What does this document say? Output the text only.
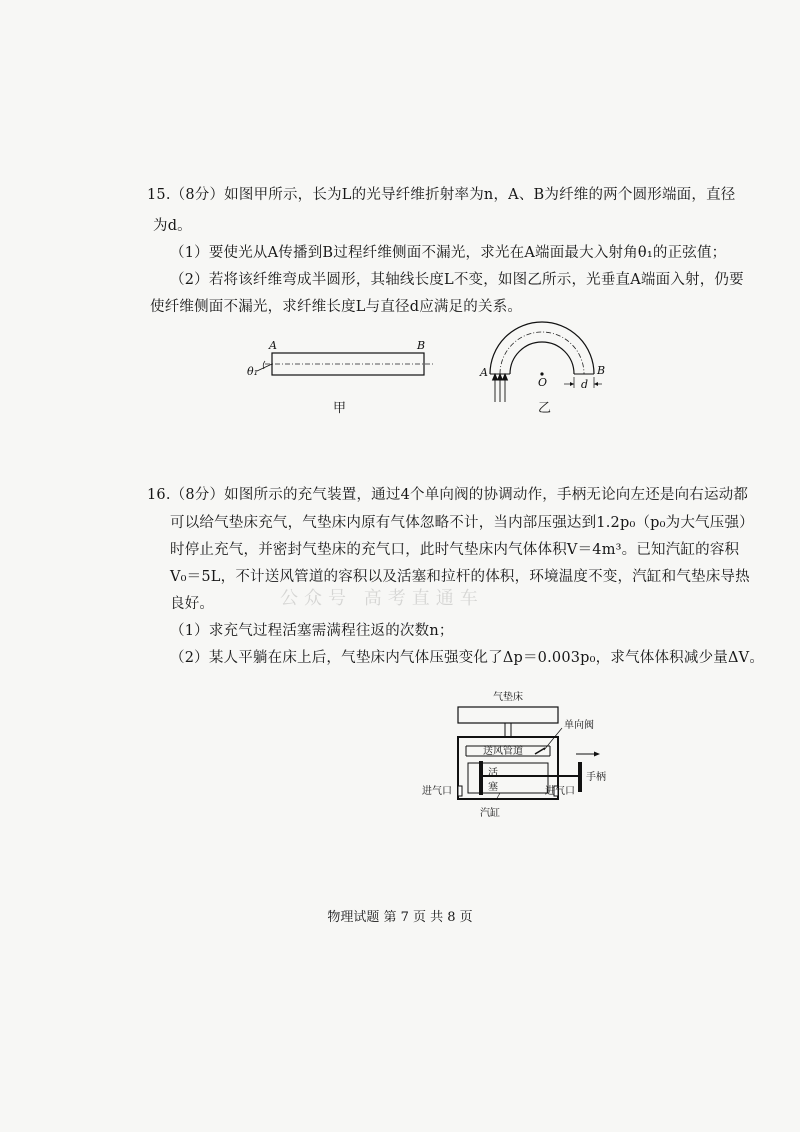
15.（8分）如图甲所示，长为L的光导纤维折射率为n，A、B为纤维的两个圆形端面，直径
为d。
（1）要使光从A传播到B过程纤维侧面不漏光，求光在A端面最大入射角θ₁的正弦值；
（2）若将该纤维弯成半圆形，其轴线长度L不变，如图乙所示，光垂直A端面入射，仍要
使纤维侧面不漏光，求纤维长度L与直径d应满足的关系。
A	B
θ₁
甲
A	B
O	d
乙
16.（8分）如图所示的充气装置，通过4个单向阀的协调动作，手柄无论向左还是向右运动都
可以给气垫床充气，气垫床内原有气体忽略不计，当内部压强达到1.2p₀（p₀为大气压强）
时停止充气，并密封气垫床的充气口，此时气垫床内气体体积V＝4m³。已知汽缸的容积
V₀＝5L，不计送风管道的容积以及活塞和拉杆的体积，环境温度不变，汽缸和气垫床导热
良好。
（1）求充气过程活塞需满程往返的次数n；
（2）某人平躺在床上后，气垫床内气体压强变化了Δp＝0.003p₀，求气体体积减少量ΔV。
公众号 高考直通车
气垫床
送风管道
单向阀
活
塞
手柄
进气口	进气口
汽缸
物理试题 第 7 页 共 8 页
